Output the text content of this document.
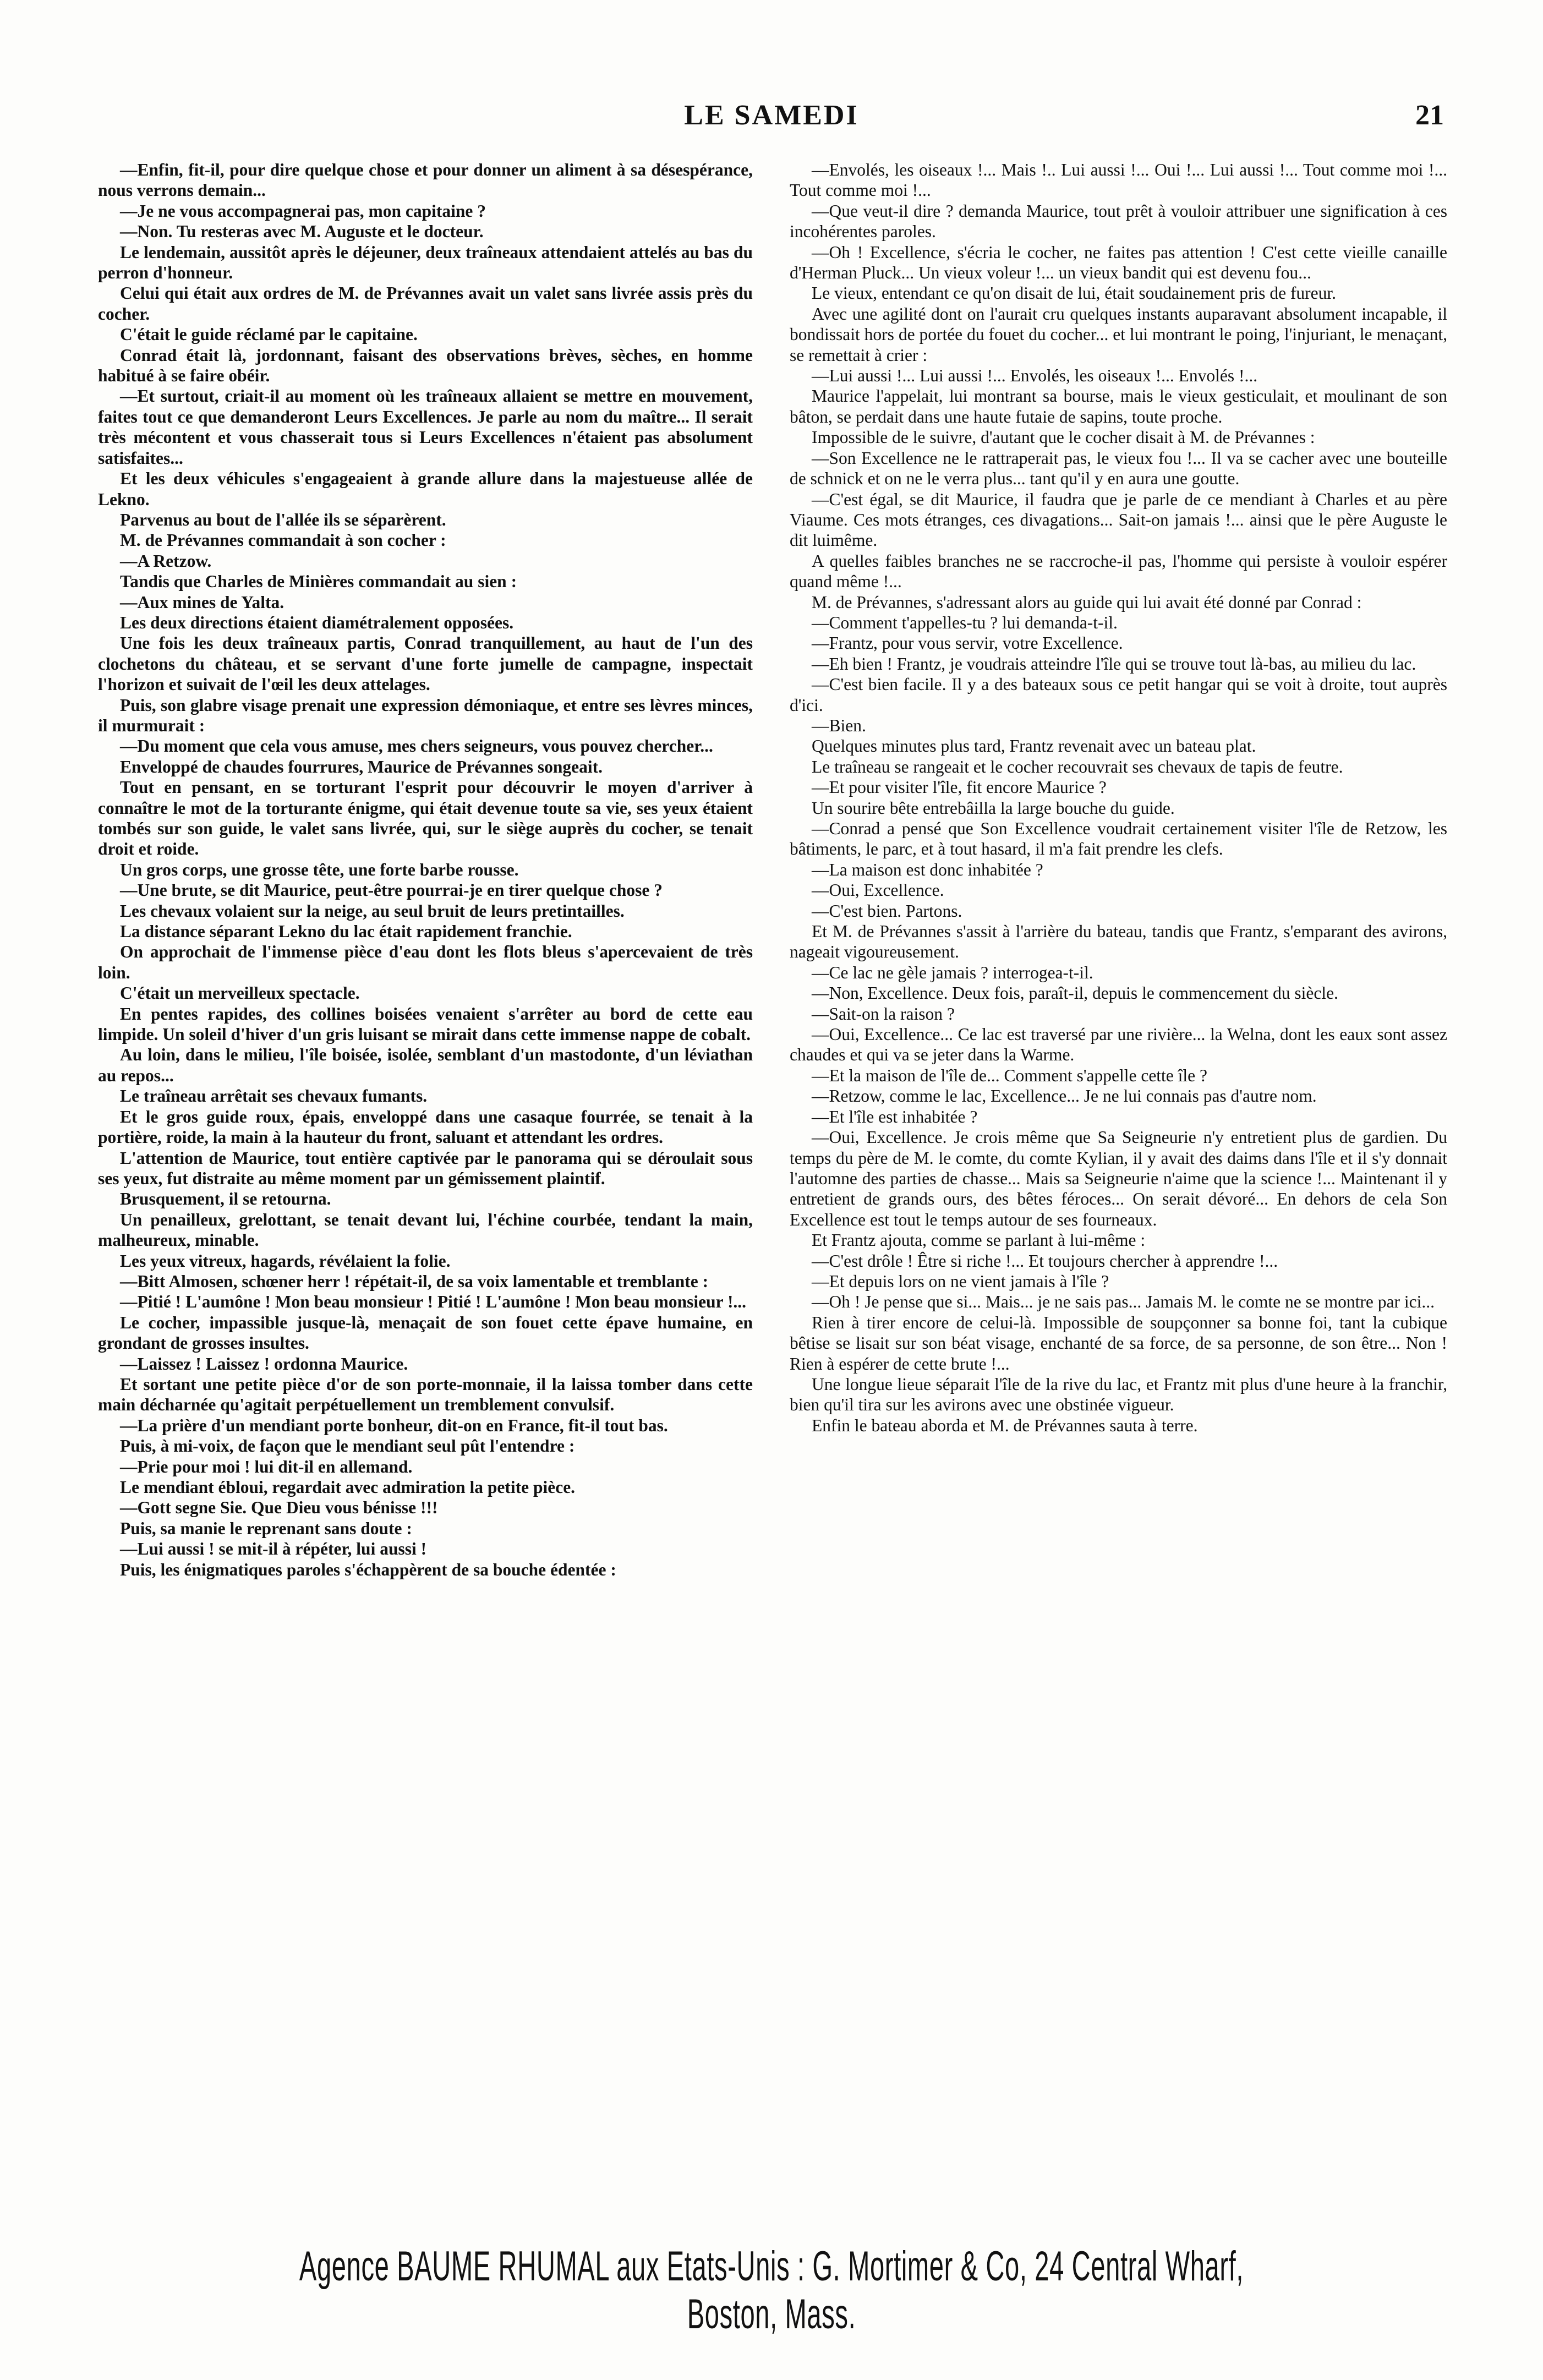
LE SAMEDI	21

—Enfin, fit-il, pour dire quelque chose et pour donner un aliment à sa désespérance, nous verrons demain...

—Je ne vous accompagnerai pas, mon capitaine ?

—Non. Tu resteras avec M. Auguste et le docteur.

Le lendemain, aussitôt après le déjeuner, deux traîneaux attendaient attelés au bas du perron d'honneur.

Celui qui était aux ordres de M. de Prévannes avait un valet sans livrée assis près du cocher.

C'était le guide réclamé par le capitaine.

Conrad était là, jordonnant, faisant des observations brèves, sèches, en homme habitué à se faire obéir.

—Et surtout, criait-il au moment où les traîneaux allaient se mettre en mouvement, faites tout ce que demanderont Leurs Excellences. Je parle au nom du maître... Il serait très mécontent et vous chasserait tous si Leurs Excellences n'étaient pas absolument satisfaites...

Et les deux véhicules s'engageaient à grande allure dans la majestueuse allée de Lekno.

Parvenus au bout de l'allée ils se séparèrent.

M. de Prévannes commandait à son cocher :

—A Retzow.

Tandis que Charles de Minières commandait au sien :

—Aux mines de Yalta.

Les deux directions étaient diamétralement opposées.

Une fois les deux traîneaux partis, Conrad tranquillement, au haut de l'un des clochetons du château, et se servant d'une forte jumelle de campagne, inspectait l'horizon et suivait de l'œil les deux attelages.

Puis, son glabre visage prenait une expression démoniaque, et entre ses lèvres minces, il murmurait :

—Du moment que cela vous amuse, mes chers seigneurs, vous pouvez chercher...

Enveloppé de chaudes fourrures, Maurice de Prévannes songeait.

Tout en pensant, en se torturant l'esprit pour découvrir le moyen d'arriver à connaître le mot de la torturante énigme, qui était devenue toute sa vie, ses yeux étaient tombés sur son guide, le valet sans livrée, qui, sur le siège auprès du cocher, se tenait droit et roide.

Un gros corps, une grosse tête, une forte barbe rousse.

—Une brute, se dit Maurice, peut-être pourrai-je en tirer quelque chose ?

Les chevaux volaient sur la neige, au seul bruit de leurs pretintailles.

La distance séparant Lekno du lac était rapidement franchie.

On approchait de l'immense pièce d'eau dont les flots bleus s'apercevaient de très loin.

C'était un merveilleux spectacle.

En pentes rapides, des collines boisées venaient s'arrêter au bord de cette eau limpide. Un soleil d'hiver d'un gris luisant se mirait dans cette immense nappe de cobalt.

Au loin, dans le milieu, l'île boisée, isolée, semblant d'un mastodonte, d'un léviathan au repos...

Le traîneau arrêtait ses chevaux fumants.

Et le gros guide roux, épais, enveloppé dans une casaque fourrée, se tenait à la portière, roide, la main à la hauteur du front, saluant et attendant les ordres.

L'attention de Maurice, tout entière captivée par le panorama qui se déroulait sous ses yeux, fut distraite au même moment par un gémissement plaintif.

Brusquement, il se retourna.

Un penailleux, grelottant, se tenait devant lui, l'échine courbée, tendant la main, malheureux, minable.

Les yeux vitreux, hagards, révélaient la folie.

—Bitt Almosen, schœner herr ! répétait-il, de sa voix lamentable et tremblante :

—Pitié ! L'aumône ! Mon beau monsieur ! Pitié ! L'aumône ! Mon beau monsieur !...

Le cocher, impassible jusque-là, menaçait de son fouet cette épave humaine, en grondant de grosses insultes.

—Laissez ! Laissez ! ordonna Maurice.

Et sortant une petite pièce d'or de son porte-monnaie, il la laissa tomber dans cette main décharnée qu'agitait perpétuellement un tremblement convulsif.

—La prière d'un mendiant porte bonheur, dit-on en France, fit-il tout bas.

Puis, à mi-voix, de façon que le mendiant seul pût l'entendre :

—Prie pour moi ! lui dit-il en allemand.

Le mendiant ébloui, regardait avec admiration la petite pièce.

—Gott segne Sie. Que Dieu vous bénisse !!!

Puis, sa manie le reprenant sans doute :

—Lui aussi ! se mit-il à répéter, lui aussi !

Puis, les énigmatiques paroles s'échappèrent de sa bouche édentée :

—Envolés, les oiseaux !... Mais !.. Lui aussi !... Oui !... Lui aussi !... Tout comme moi !... Tout comme moi !...

—Que veut-il dire ? demanda Maurice, tout prêt à vouloir attribuer une signification à ces incohérentes paroles.

—Oh ! Excellence, s'écria le cocher, ne faites pas attention ! C'est cette vieille canaille d'Herman Pluck... Un vieux voleur !... un vieux bandit qui est devenu fou...

Le vieux, entendant ce qu'on disait de lui, était soudainement pris de fureur.

Avec une agilité dont on l'aurait cru quelques instants auparavant absolument incapable, il bondissait hors de portée du fouet du cocher... et lui montrant le poing, l'injuriant, le menaçant, se remettait à crier :

—Lui aussi !... Lui aussi !... Envolés, les oiseaux !... Envolés !...

Maurice l'appelait, lui montrant sa bourse, mais le vieux gesticulait, et moulinant de son bâton, se perdait dans une haute futaie de sapins, toute proche.

Impossible de le suivre, d'autant que le cocher disait à M. de Prévannes :

—Son Excellence ne le rattraperait pas, le vieux fou !... Il va se cacher avec une bouteille de schnick et on ne le verra plus... tant qu'il y en aura une goutte.

—C'est égal, se dit Maurice, il faudra que je parle de ce mendiant à Charles et au père Viaume. Ces mots étranges, ces divagations... Sait-on jamais !... ainsi que le père Auguste le dit luimême.

A quelles faibles branches ne se raccroche-il pas, l'homme qui persiste à vouloir espérer quand même !...

M. de Prévannes, s'adressant alors au guide qui lui avait été donné par Conrad :

—Comment t'appelles-tu ? lui demanda-t-il.

—Frantz, pour vous servir, votre Excellence.

—Eh bien ! Frantz, je voudrais atteindre l'île qui se trouve tout là-bas, au milieu du lac.

—C'est bien facile. Il y a des bateaux sous ce petit hangar qui se voit à droite, tout auprès d'ici.

—Bien.

Quelques minutes plus tard, Frantz revenait avec un bateau plat.

Le traîneau se rangeait et le cocher recouvrait ses chevaux de tapis de feutre.

—Et pour visiter l'île, fit encore Maurice ?

Un sourire bête entrebâilla la large bouche du guide.

—Conrad a pensé que Son Excellence voudrait certainement visiter l'île de Retzow, les bâtiments, le parc, et à tout hasard, il m'a fait prendre les clefs.

—La maison est donc inhabitée ?

—Oui, Excellence.

—C'est bien. Partons.

Et M. de Prévannes s'assit à l'arrière du bateau, tandis que Frantz, s'emparant des avirons, nageait vigoureusement.

—Ce lac ne gèle jamais ? interrogea-t-il.

—Non, Excellence. Deux fois, paraît-il, depuis le commencement du siècle.

—Sait-on la raison ?

—Oui, Excellence... Ce lac est traversé par une rivière... la Welna, dont les eaux sont assez chaudes et qui va se jeter dans la Warme.

—Et la maison de l'île de... Comment s'appelle cette île ?

—Retzow, comme le lac, Excellence... Je ne lui connais pas d'autre nom.

—Et l'île est inhabitée ?

—Oui, Excellence. Je crois même que Sa Seigneurie n'y entretient plus de gardien. Du temps du père de M. le comte, du comte Kylian, il y avait des daims dans l'île et il s'y donnait l'automne des parties de chasse... Mais sa Seigneurie n'aime que la science !... Maintenant il y entretient de grands ours, des bêtes féroces... On serait dévoré... En dehors de cela Son Excellence est tout le temps autour de ses fourneaux.

Et Frantz ajouta, comme se parlant à lui-même :

—C'est drôle ! Être si riche !... Et toujours chercher à apprendre !...

—Et depuis lors on ne vient jamais à l'île ?

—Oh ! Je pense que si... Mais... je ne sais pas... Jamais M. le comte ne se montre par ici...

Rien à tirer encore de celui-là. Impossible de soupçonner sa bonne foi, tant la cubique bêtise se lisait sur son béat visage, enchanté de sa force, de sa personne, de son être... Non ! Rien à espérer de cette brute !...

Une longue lieue séparait l'île de la rive du lac, et Frantz mit plus d'une heure à la franchir, bien qu'il tira sur les avirons avec une obstinée vigueur.

Enfin le bateau aborda et M. de Prévannes sauta à terre.

Agence BAUME RHUMAL aux Etats-Unis : G. Mortimer & Co, 24 Central Wharf, Boston, Mass.
